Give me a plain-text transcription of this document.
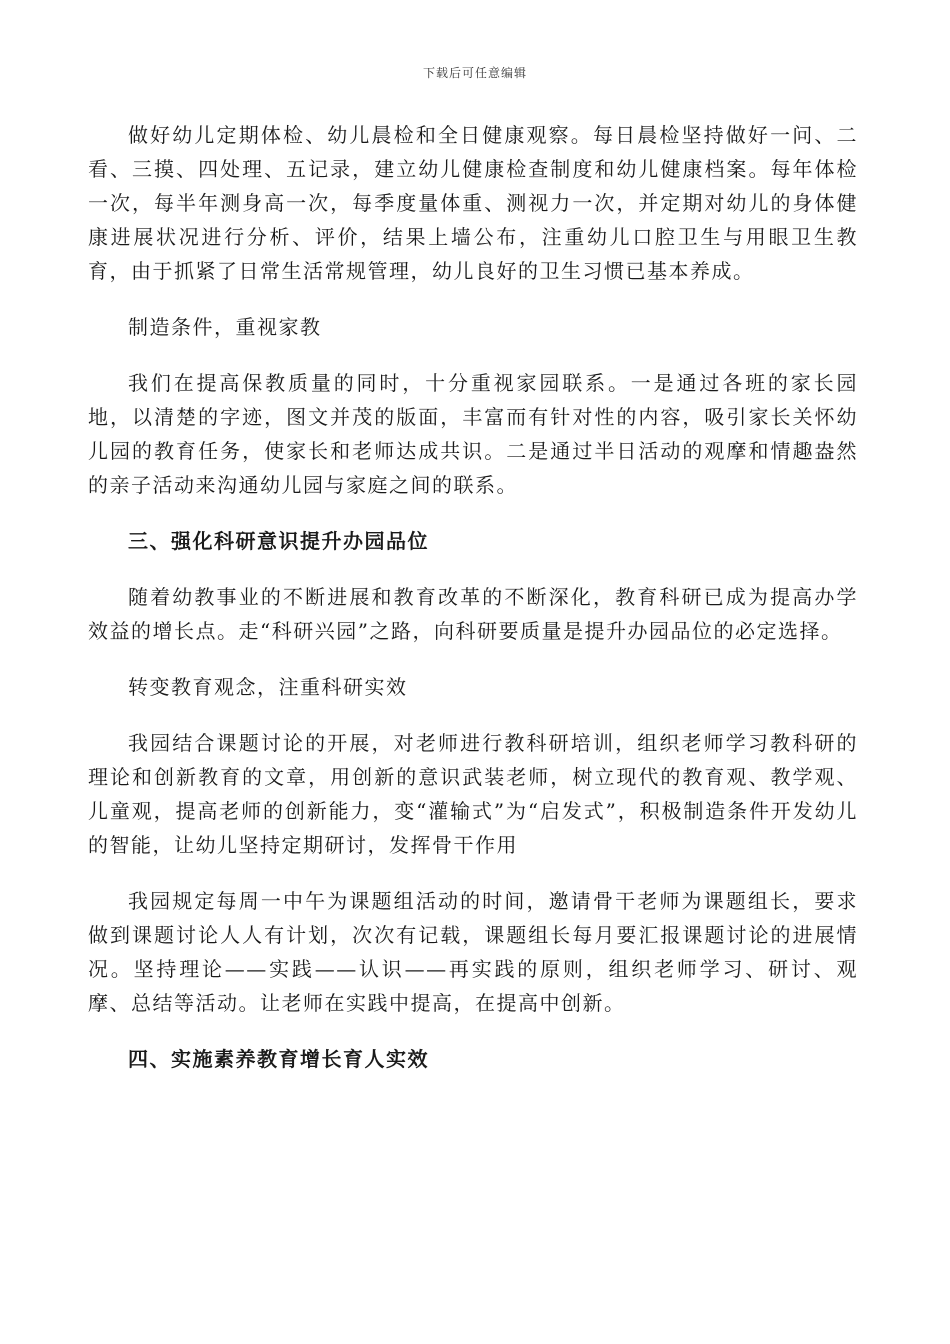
下载后可任意编辑

做好幼儿定期体检、幼儿晨检和全日健康观察。每日晨检坚持做好一问、二看、三摸、四处理、五记录，建立幼儿健康检查制度和幼儿健康档案。每年体检一次，每半年测身高一次，每季度量体重、测视力一次，并定期对幼儿的身体健康进展状况进行分析、评价，结果上墙公布，注重幼儿口腔卫生与用眼卫生教育，由于抓紧了日常生活常规管理，幼儿良好的卫生习惯已基本养成。

制造条件，重视家教

我们在提高保教质量的同时，十分重视家园联系。一是通过各班的家长园地，以清楚的字迹，图文并茂的版面，丰富而有针对性的内容，吸引家长关怀幼儿园的教育任务，使家长和老师达成共识。二是通过半日活动的观摩和情趣盎然的亲子活动来沟通幼儿园与家庭之间的联系。

三、强化科研意识提升办园品位

随着幼教事业的不断进展和教育改革的不断深化，教育科研已成为提高办学效益的增长点。走“科研兴园”之路，向科研要质量是提升办园品位的必定选择。

转变教育观念，注重科研实效

我园结合课题讨论的开展，对老师进行教科研培训，组织老师学习教科研的理论和创新教育的文章，用创新的意识武装老师，树立现代的教育观、教学观、儿童观，提高老师的创新能力，变“灌输式”为“启发式”，积极制造条件开发幼儿的智能，让幼儿坚持定期研讨，发挥骨干作用

我园规定每周一中午为课题组活动的时间，邀请骨干老师为课题组长，要求做到课题讨论人人有计划，次次有记载，课题组长每月要汇报课题讨论的进展情况。坚持理论——实践——认识——再实践的原则，组织老师学习、研讨、观摩、总结等活动。让老师在实践中提高，在提高中创新。

四、实施素养教育增长育人实效
